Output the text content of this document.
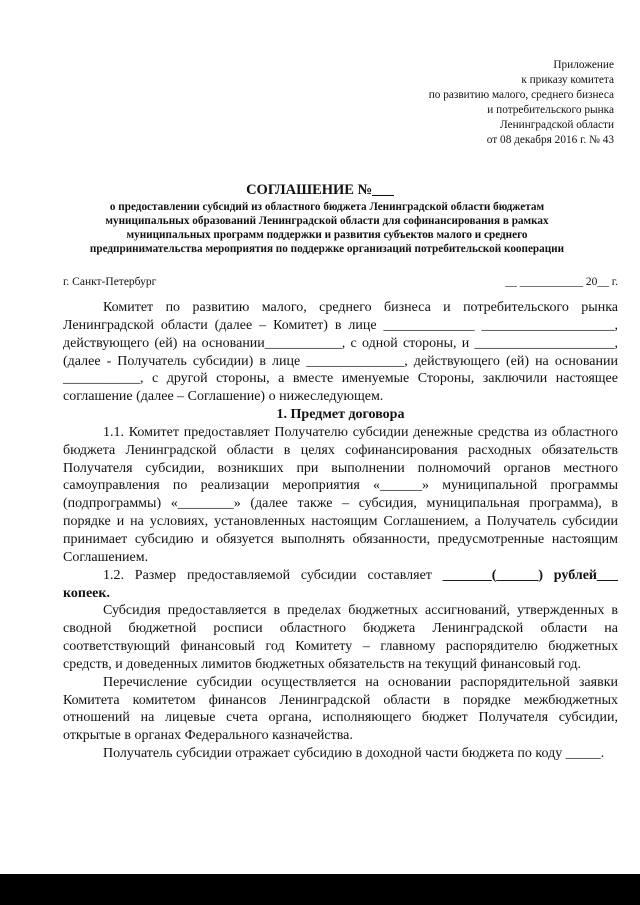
Приложение
к приказу комитета
по развитию малого, среднего бизнеса
и потребительского рынка
Ленинградской области
от 08 декабря 2016 г. № 43
СОГЛАШЕНИЕ №___
о предоставлении субсидий из областного бюджета Ленинградской области бюджетам
муниципальных образований Ленинградской области для софинансирования в рамках
муниципальных программ поддержки и развития субъектов малого и среднего
предпринимательства мероприятия по поддержке организаций потребительской кооперации
г. Санкт-Петербург	__ ___________ 20__ г.

Комитет по развитию малого, среднего бизнеса и потребительского рынка Ленинградской области (далее – Комитет) в лице _____________ ___________________, действующего (ей) на основании___________, с одной стороны, и ____________________, (далее - Получатель субсидии) в лице ______________, действующего (ей) на основании ___________, с другой стороны, а вместе именуемые Стороны, заключили настоящее соглашение (далее – Соглашение) о нижеследующем.

1. Предмет договора

1.1. Комитет предоставляет Получателю субсидии денежные средства из областного бюджета Ленинградской области в целях софинансирования расходных обязательств Получателя субсидии, возникших при выполнении полномочий органов местного самоуправления по реализации мероприятия «______» муниципальной программы (подпрограммы) «________» (далее также – субсидия, муниципальная программа), в порядке и на условиях, установленных настоящим Соглашением, а Получатель субсидии принимает субсидию и обязуется выполнять обязанности, предусмотренные настоящим Соглашением.

1.2. Размер предоставляемой субсидии составляет _______(______) рублей___ копеек.

Субсидия предоставляется в пределах бюджетных ассигнований, утвержденных в сводной бюджетной росписи областного бюджета Ленинградской области на соответствующий финансовый год Комитету – главному распорядителю бюджетных средств, и доведенных лимитов бюджетных обязательств на текущий финансовый год.

Перечисление субсидии осуществляется на основании распорядительной заявки Комитета комитетом финансов Ленинградской области в порядке межбюджетных отношений на лицевые счета органа, исполняющего бюджет Получателя субсидии, открытые в органах Федерального казначейства.

Получатель субсидии отражает субсидию в доходной части бюджета по коду _____.
